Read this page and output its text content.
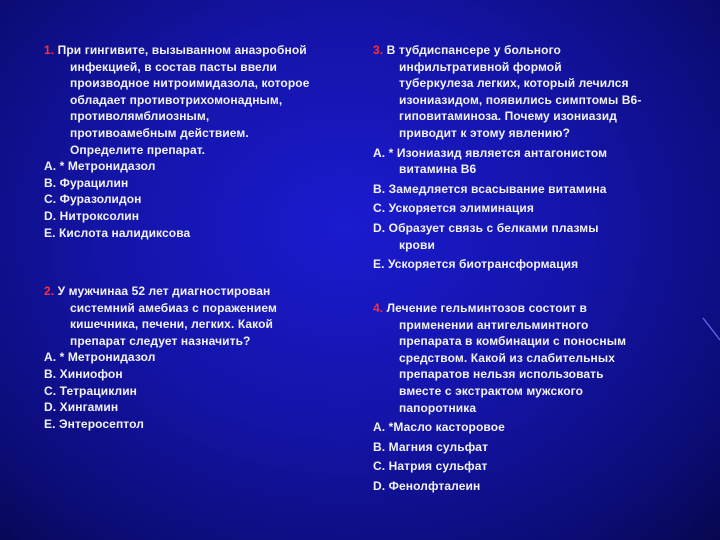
1. При гингивите, вызыванном анаэробной
инфекцией, в состав пасты ввели
производное нитроимидазола, которое
обладает противотрихомонадным,
противолямблиозным,
противоамебным действием.
Определите препарат.
A. * Метронидазол
B. Фурацилин
C. Фуразолидон
D. Нитроксолин
E. Кислота налидиксова
2. У мужчинаа 52 лет диагностирован
системний амебиаз с поражением
кишечника, печени, легких. Какой
препарат следует назначить?
A. * Метронидазол
B. Хиниофон
C. Тетрациклин
D. Хингамин
E. Энтеросептол
3. В тубдиспансере у больного
инфильтративной формой
туберкулеза легких, который лечился
изониазидом, появились симптомы В6-
гиповитаминоза. Почему изониазид
приводит к этому явлению?
A. * Изониазид является антагонистом
витамина В6
B. Замедляется всасывание витамина
C. Ускоряется элиминация
D. Образует связь с белками плазмы
крови
E. Ускоряется биотрансформация
4. Лечение гельминтозов состоит в
применении антигельминтного
препарата в комбинации с поносным
средством. Какой из слабительных
препаратов нельзя использовать
вместе с экстрактом мужского
папоротника
A. *Масло касторовое
B. Магния сульфат
C. Натрия сульфат
D. Фенолфталеин
